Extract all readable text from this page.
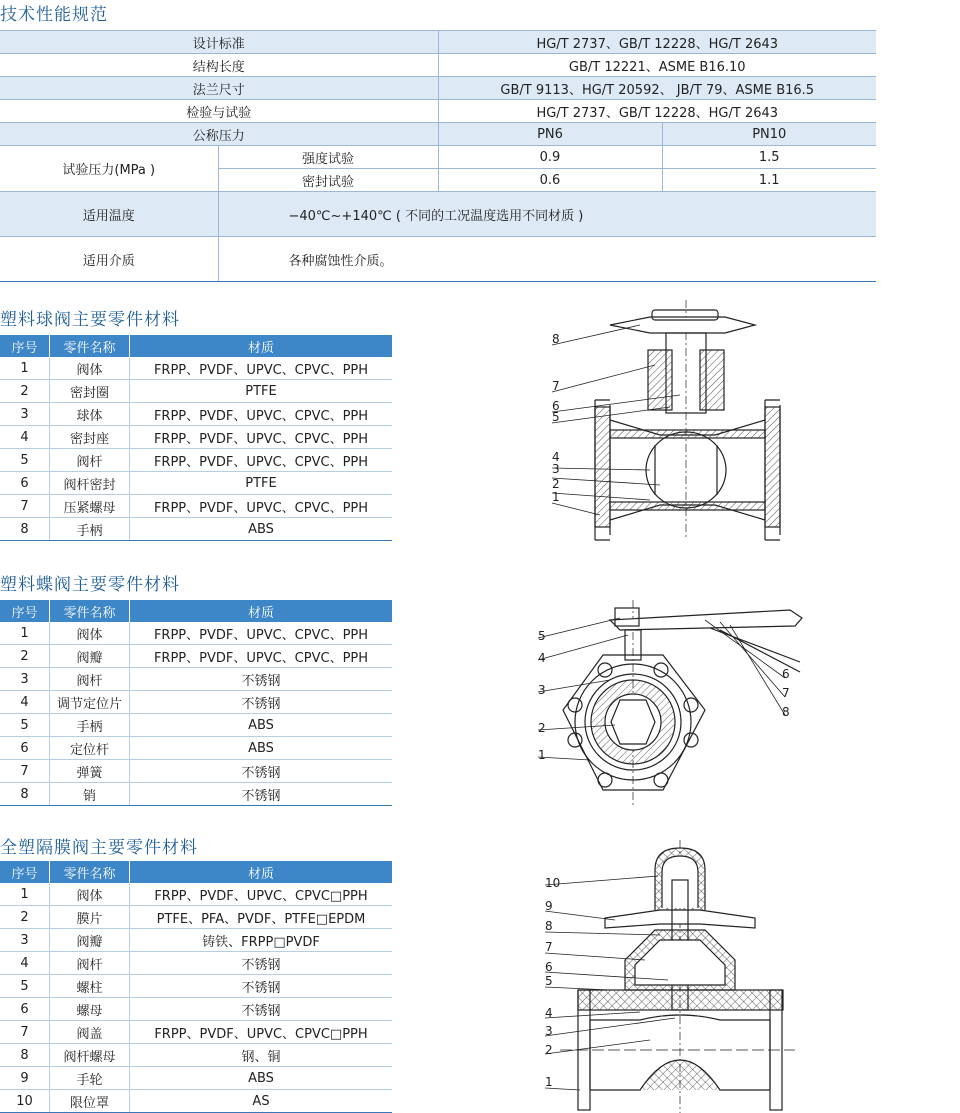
技术性能规范
设计标准		HG/T 2737、GB/T 12228、HG/T 2643	
结构长度		GB/T 12221、ASME B16.10	
法兰尺寸		GB/T 9113、HG/T 20592、 JB/T 79、ASME B16.5	
检验与试验		HG/T 2737、GB/T 12228、HG/T 2643	
公称压力		PN6	PN10
试验压力(MPa )	强度试验	0.9	1.5
	密封试验	0.6	1.1
适用温度	−40℃~+140℃ ( 不同的工况温度选用不同材质 )		
适用介质	各种腐蚀性介质。		
塑料球阀主要零件材料
序号	零件名称	材质
1	阀体	FRPP、PVDF、UPVC、CPVC、PPH
2	密封圈	PTFE
3	球体	FRPP、PVDF、UPVC、CPVC、PPH
4	密封座	FRPP、PVDF、UPVC、CPVC、PPH
5	阀杆	FRPP、PVDF、UPVC、CPVC、PPH
6	阀杆密封	PTFE
7	压紧螺母	FRPP、PVDF、UPVC、CPVC、PPH
8	手柄	ABS
塑料蝶阀主要零件材料
序号	零件名称	材质
1	阀体	FRPP、PVDF、UPVC、CPVC、PPH
2	阀瓣	FRPP、PVDF、UPVC、CPVC、PPH
3	阀杆	不锈钢
4	调节定位片	不锈钢
5	手柄	ABS
6	定位杆	ABS
7	弹簧	不锈钢
8	销	不锈钢
全塑隔膜阀主要零件材料
序号	零件名称	材质
1	阀体	FRPP、PVDF、UPVC、CPVC□PPH
2	膜片	PTFE、PFA、PVDF、PTFE□EPDM
3	阀瓣	铸铁、FRPP□PVDF
4	阀杆	不锈钢
5	螺柱	不锈钢
6	螺母	不锈钢
7	阀盖	FRPP、PVDF、UPVC、CPVC□PPH
8	阀杆螺母	钢、铜
9	手轮	ABS
10	限位罩	AS
8
7
6
5
4
3
2
1
5
4
3
2
1
6
7
8
10
9
8
7
6
5
4
3
2
1
